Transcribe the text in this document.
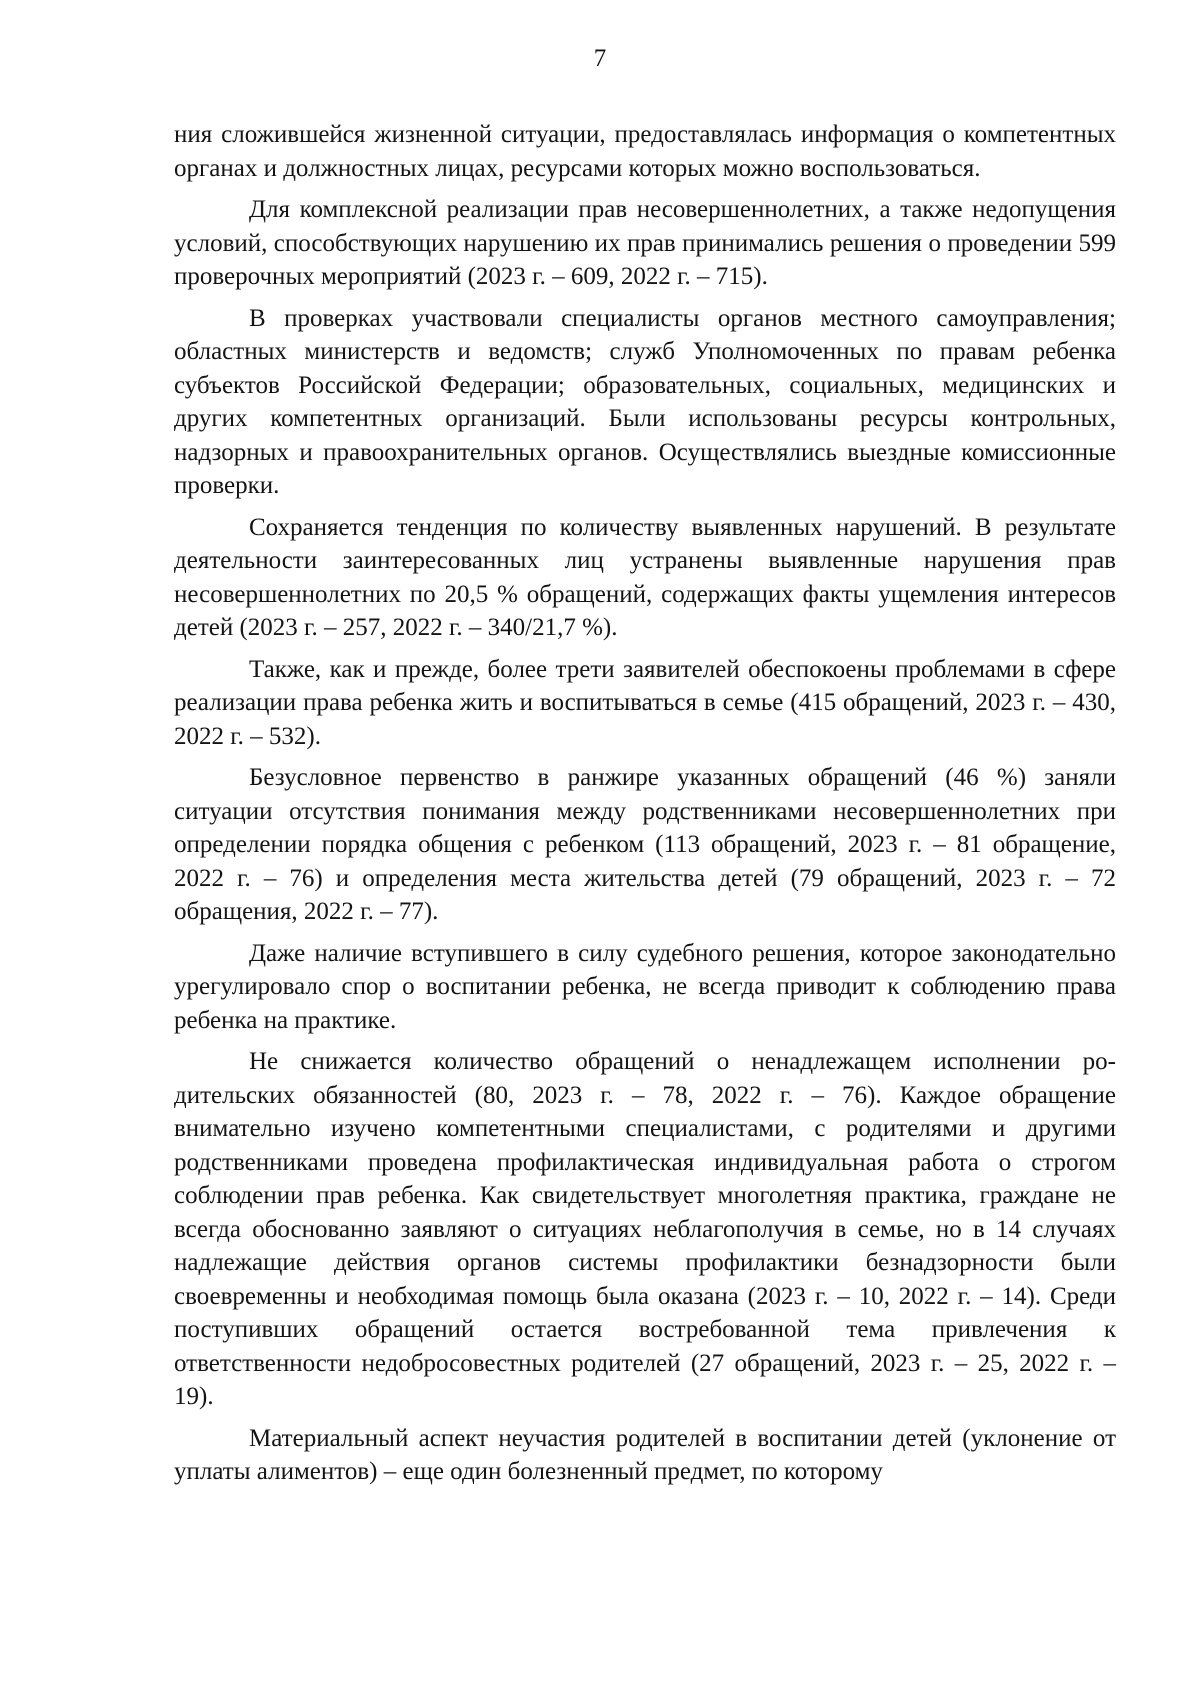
7

ния сложившейся жизненной ситуации, предоставлялась информация о компетентных органах и должностных лицах, ресурсами которых можно воспользоваться.

Для комплексной реализации прав несовершеннолетних, а также недопущения условий, способствующих нарушению их прав принимались решения о проведении 599 проверочных мероприятий (2023 г. – 609, 2022 г. – 715).

В проверках участвовали специалисты органов местного самоуправления; областных министерств и ведомств; служб Уполномоченных по правам ребенка субъектов Российской Федерации; образовательных, социальных, медицинских и других компетентных организаций. Были использованы ресурсы контрольных, надзорных и правоохранительных органов. Осуществлялись выездные комиссионные проверки.

Сохраняется тенденция по количеству выявленных нарушений. В результате деятельности заинтересованных лиц устранены выявленные нарушения прав несовершеннолетних по 20,5 % обращений, содержащих факты ущемления интересов детей (2023 г. – 257, 2022 г. – 340/21,7 %).

Также, как и прежде, более трети заявителей обеспокоены проблемами в сфере реализации права ребенка жить и воспитываться в семье (415 обращений, 2023 г. – 430, 2022 г. – 532).

Безусловное первенство в ранжире указанных обращений (46 %) заняли ситуации отсутствия понимания между родственниками несовершеннолетних при определении порядка общения с ребенком (113 обращений, 2023 г. – 81 обращение, 2022 г. – 76) и определения места жительства детей (79 обращений, 2023 г. – 72 обращения, 2022 г. – 77).

Даже наличие вступившего в силу судебного решения, которое законодательно урегулировало спор о воспитании ребенка, не всегда приводит к соблюдению права ребенка на практике.

Не снижается количество обращений о ненадлежащем исполнении родительских обязанностей (80, 2023 г. – 78, 2022 г. – 76). Каждое обращение внимательно изучено компетентными специалистами, с родителями и другими родственниками проведена профилактическая индивидуальная работа о строгом соблюдении прав ребенка. Как свидетельствует многолетняя практика, граждане не всегда обоснованно заявляют о ситуациях неблагополучия в семье, но в 14 случаях надлежащие действия органов системы профилактики безнадзорности были своевременны и необходимая помощь была оказана (2023 г. – 10, 2022 г. – 14). Среди поступивших обращений остается востребованной тема привлечения к ответственности недобросовестных родителей (27 обращений, 2023 г. – 25, 2022 г. – 19).

Материальный аспект неучастия родителей в воспитании детей (уклонение от уплаты алиментов) – еще один болезненный предмет, по которому
